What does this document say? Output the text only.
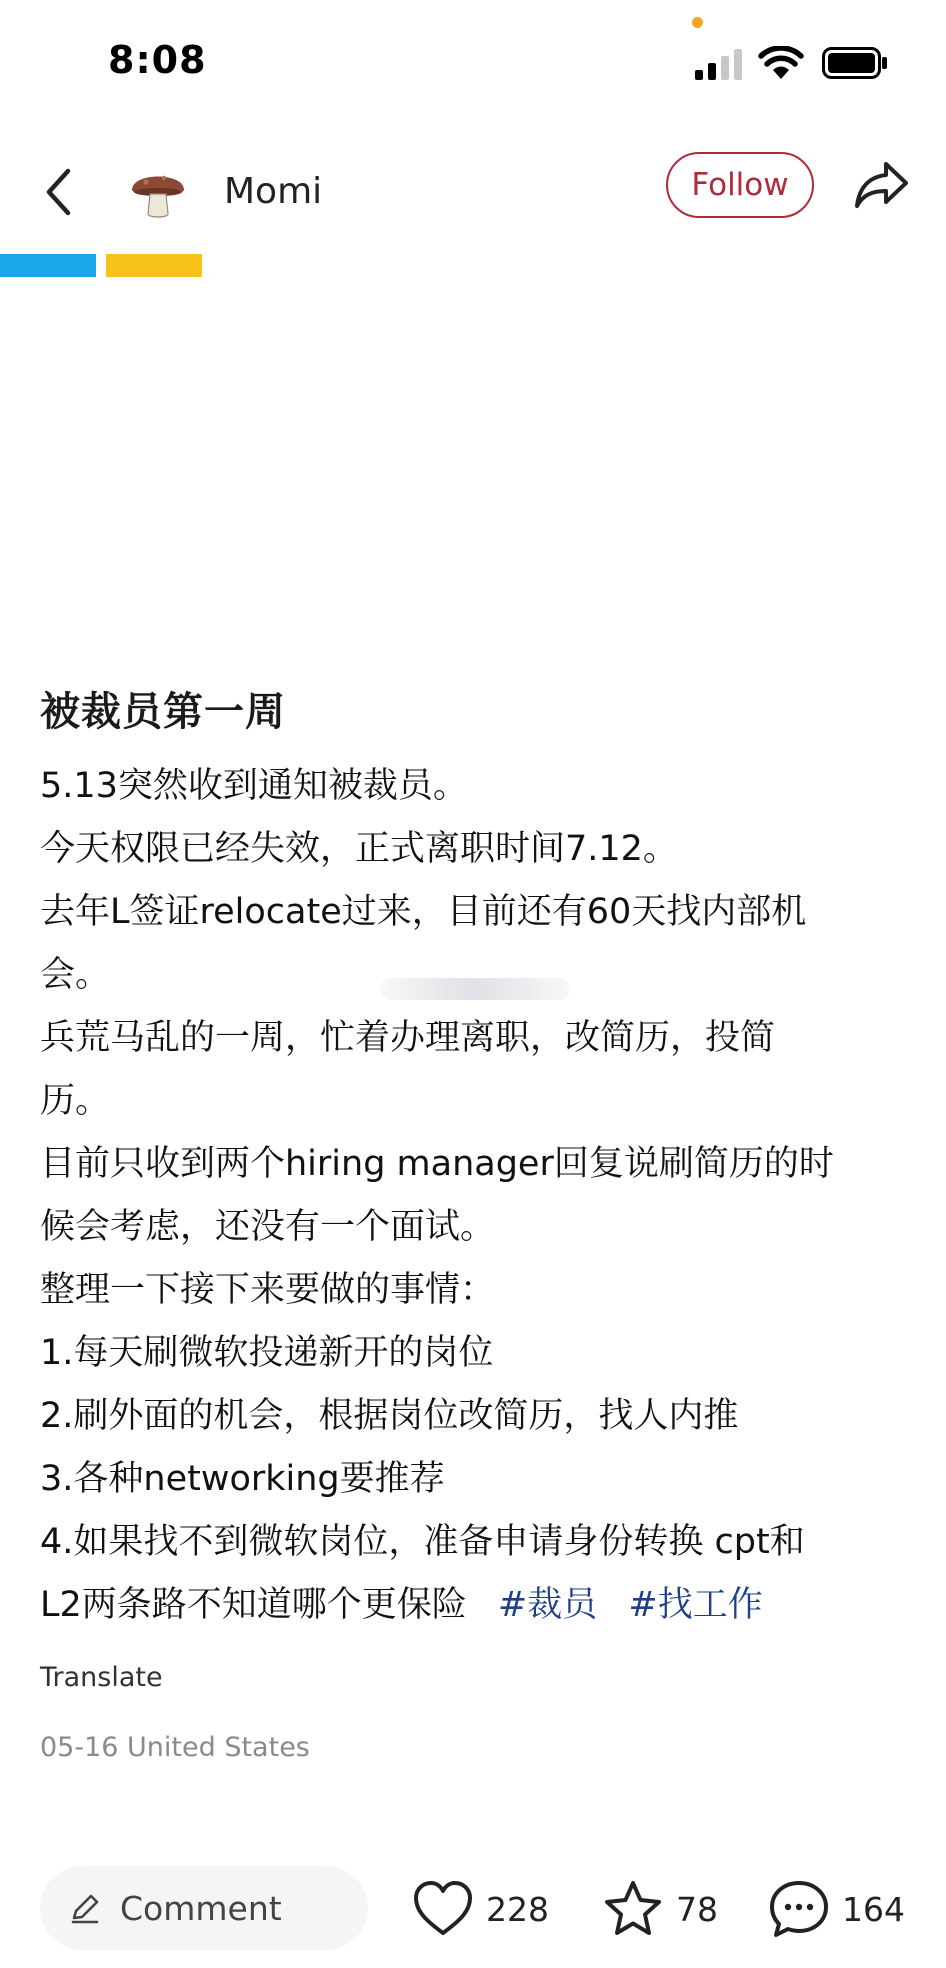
8:08
Momi	Follow
被裁员第一周
5.13突然收到通知被裁员。
今天权限已经失效，正式离职时间7.12。
去年L签证relocate过来，目前还有60天找内部机
会。
兵荒马乱的一周，忙着办理离职，改简历，投简
历。
目前只收到两个hiring manager回复说刷简历的时
候会考虑，还没有一个面试。
整理一下接下来要做的事情：
1.每天刷微软投递新开的岗位
2.刷外面的机会，根据岗位改简历，找人内推
3.各种networking要推荐
4.如果找不到微软岗位，准备申请身份转换 cpt和
L2两条路不知道哪个更保险 #裁员 #找工作
Translate
05-16 United States
Comment	228	78	164
